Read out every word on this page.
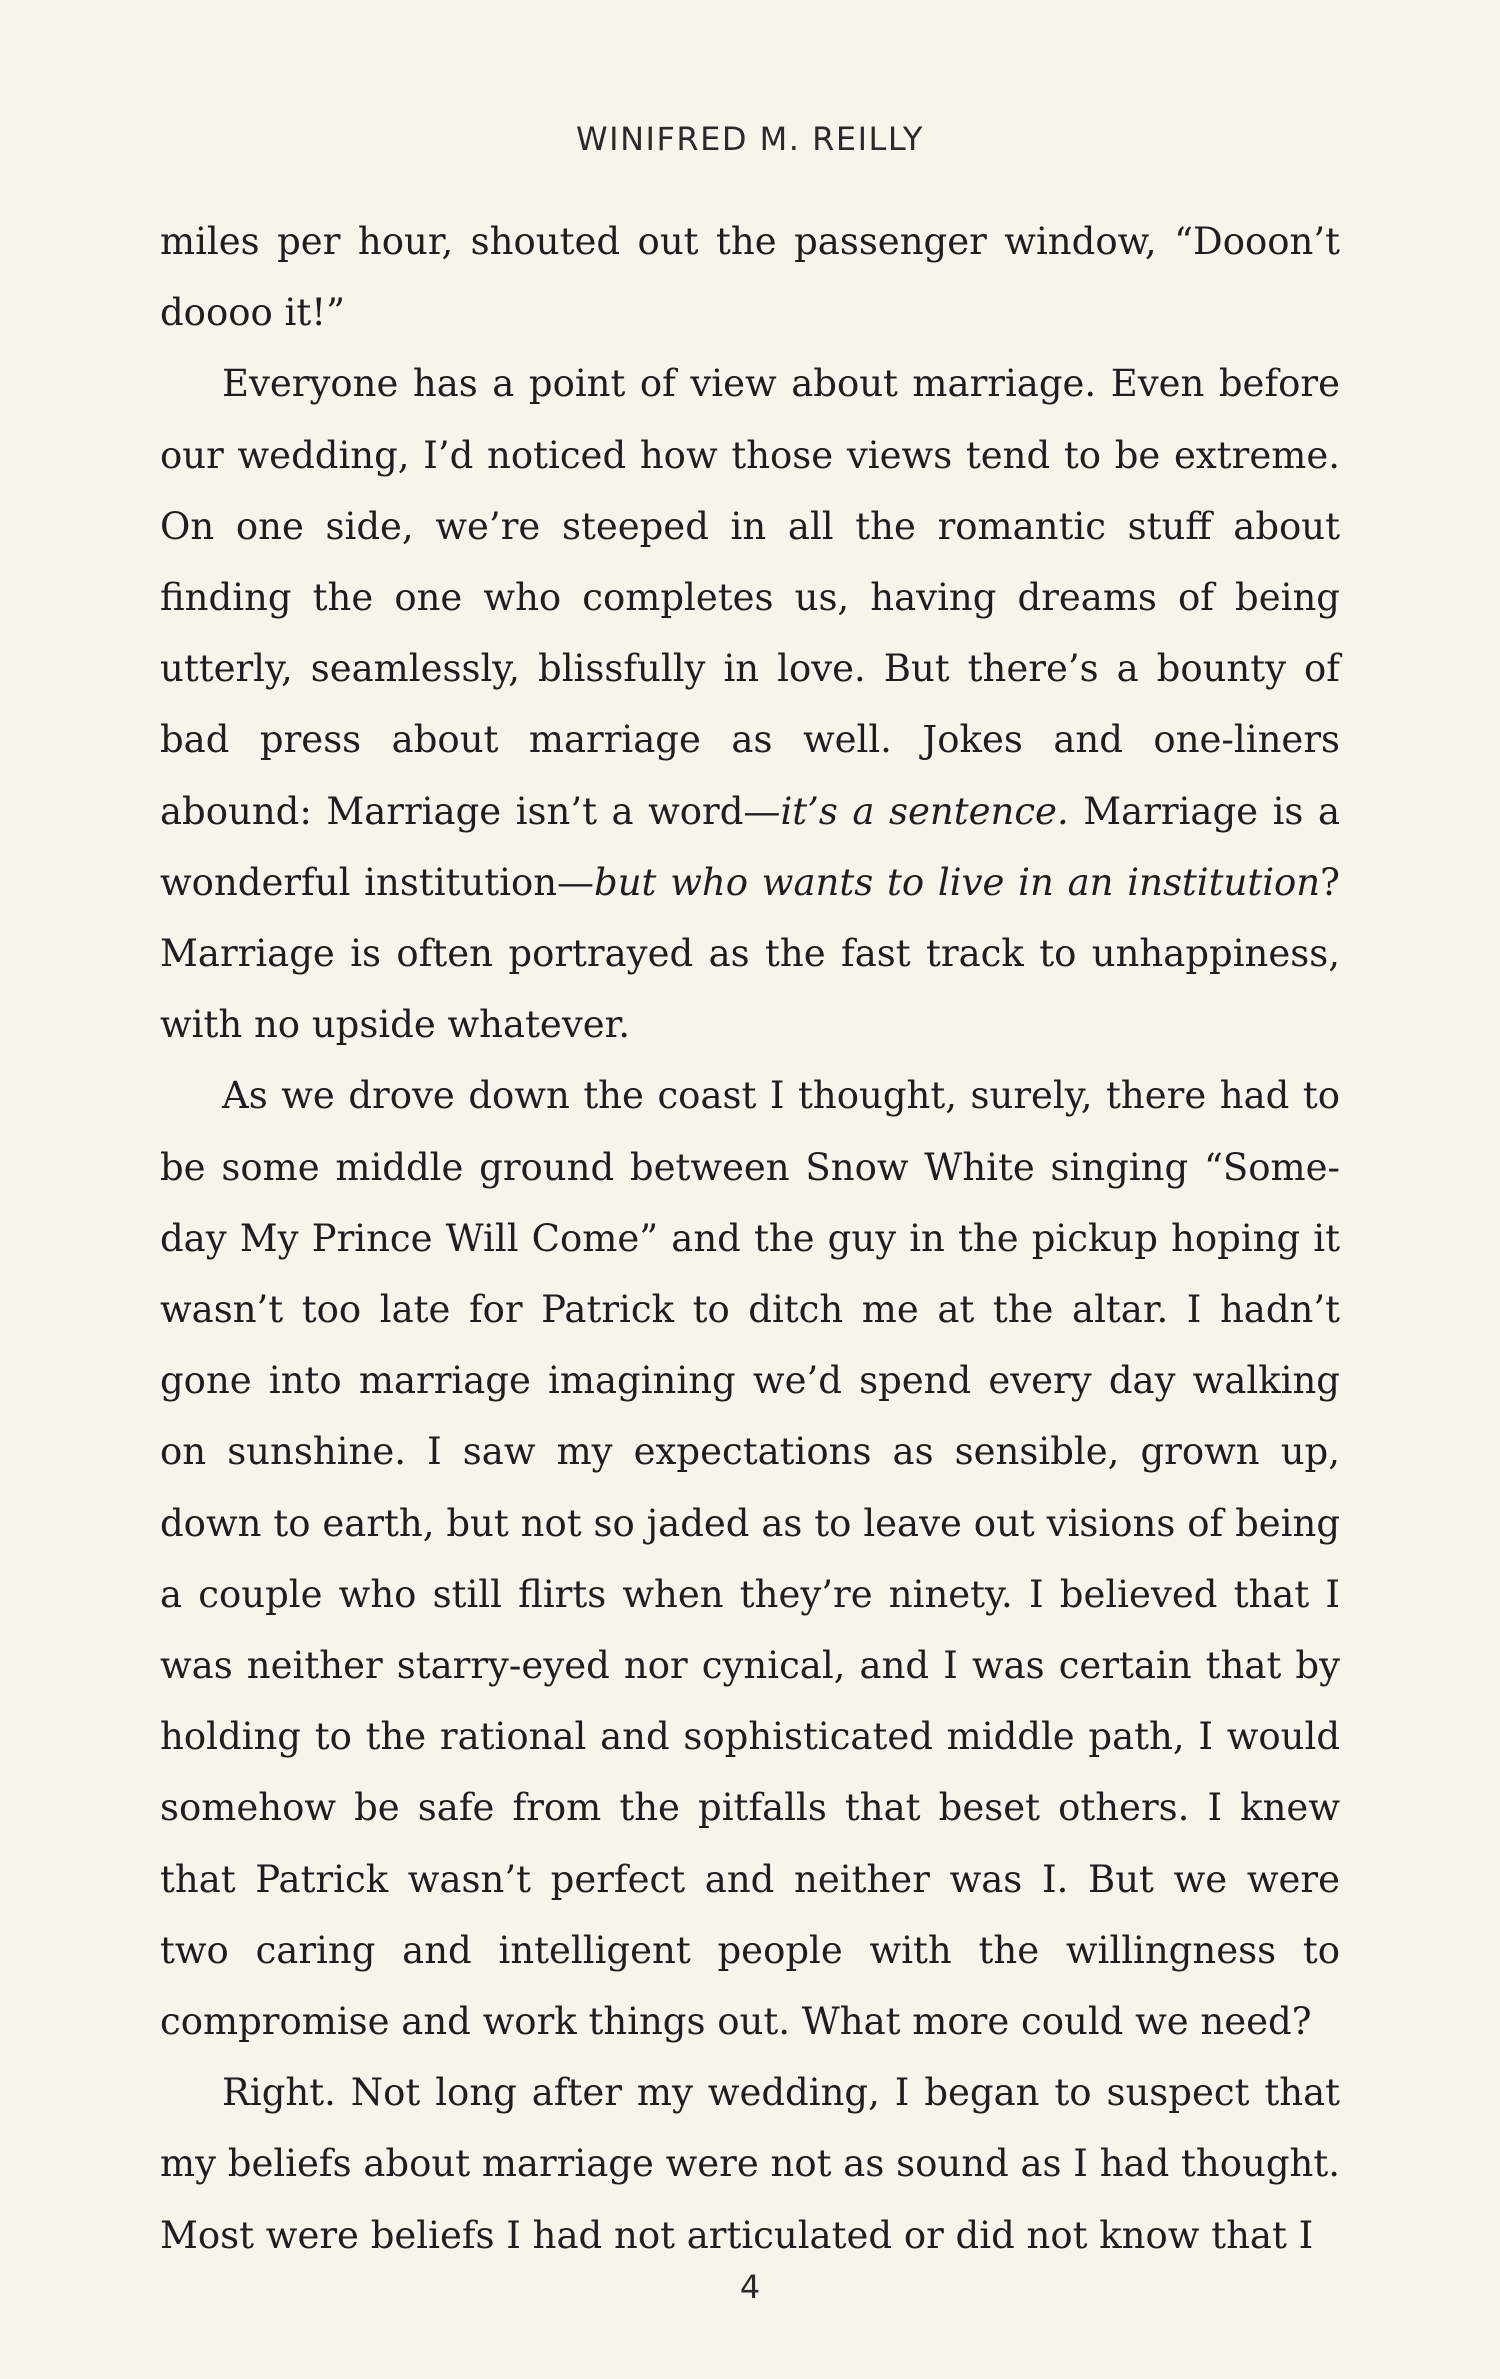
WINIFRED M. REILLY

miles per hour, shouted out the passenger window, “Dooon’t doooo it!”

Everyone has a point of view about marriage. Even before our wedding, I’d noticed how those views tend to be extreme. On one side, we’re steeped in all the romantic stuff about finding the one who completes us, having dreams of being utterly, seamlessly, blissfully in love. But there’s a bounty of bad press about marriage as well. Jokes and one-liners abound: Marriage isn’t a word—it’s a sentence. Marriage is a wonderful institution—but who wants to live in an institution? Marriage is often portrayed as the fast track to unhappiness, with no upside whatever.

As we drove down the coast I thought, surely, there had to be some middle ground between Snow White singing “Someday My Prince Will Come” and the guy in the pickup hoping it wasn’t too late for Patrick to ditch me at the altar. I hadn’t gone into marriage imagining we’d spend every day walking on sunshine. I saw my expectations as sensible, grown up, down to earth, but not so jaded as to leave out visions of being a couple who still flirts when they’re ninety. I believed that I was neither starry-eyed nor cynical, and I was certain that by holding to the rational and sophisticated middle path, I would somehow be safe from the pitfalls that beset others. I knew that Patrick wasn’t perfect and neither was I. But we were two caring and intelligent people with the willingness to compromise and work things out. What more could we need?

Right. Not long after my wedding, I began to suspect that my beliefs about marriage were not as sound as I had thought. Most were beliefs I had not articulated or did not know that I

4
